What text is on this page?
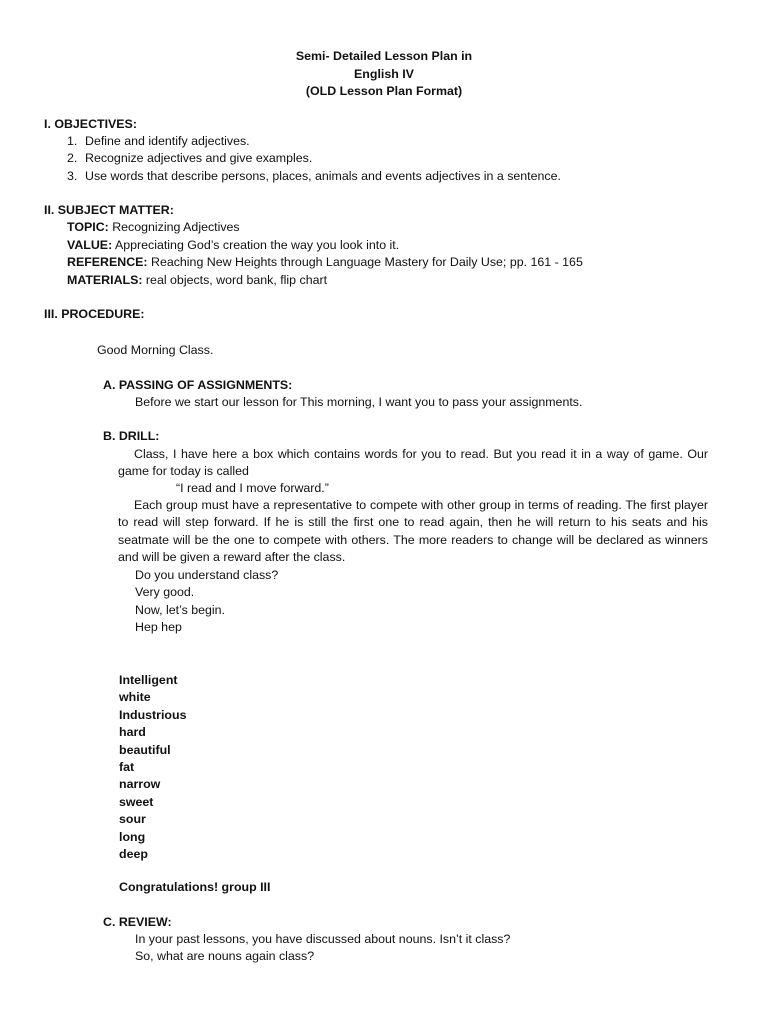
Semi- Detailed Lesson Plan in
English IV
(OLD Lesson Plan Format)
I. OBJECTIVES:
1. Define and identify adjectives.
2. Recognize adjectives and give examples.
3. Use words that describe persons, places, animals and events adjectives in a sentence.
II. SUBJECT MATTER:
TOPIC: Recognizing Adjectives
VALUE: Appreciating God’s creation the way you look into it.
REFERENCE: Reaching New Heights through Language Mastery for Daily Use; pp. 161 - 165
MATERIALS: real objects, word bank, flip chart
III. PROCEDURE:
Good Morning Class.
A. PASSING OF ASSIGNMENTS:
Before we start our lesson for This morning, I want you to pass your assignments.
B. DRILL:
Class, I have here a box which contains words for you to read. But you read it in a way of game. Our game for today is called
“I read and I move forward.”
Each group must have a representative to compete with other group in terms of reading. The first player to read will step forward. If he is still the first one to read again, then he will return to his seats and his seatmate will be the one to compete with others. The more readers to change will be declared as winners and will be given a reward after the class.
Do you understand class?
Very good.
Now, let’s begin.
Hep hep
Intelligent
white
Industrious
hard
beautiful
fat
narrow
sweet
sour
long
deep
Congratulations! group III
C. REVIEW:
In your past lessons, you have discussed about nouns. Isn’t it class?
So, what are nouns again class?
